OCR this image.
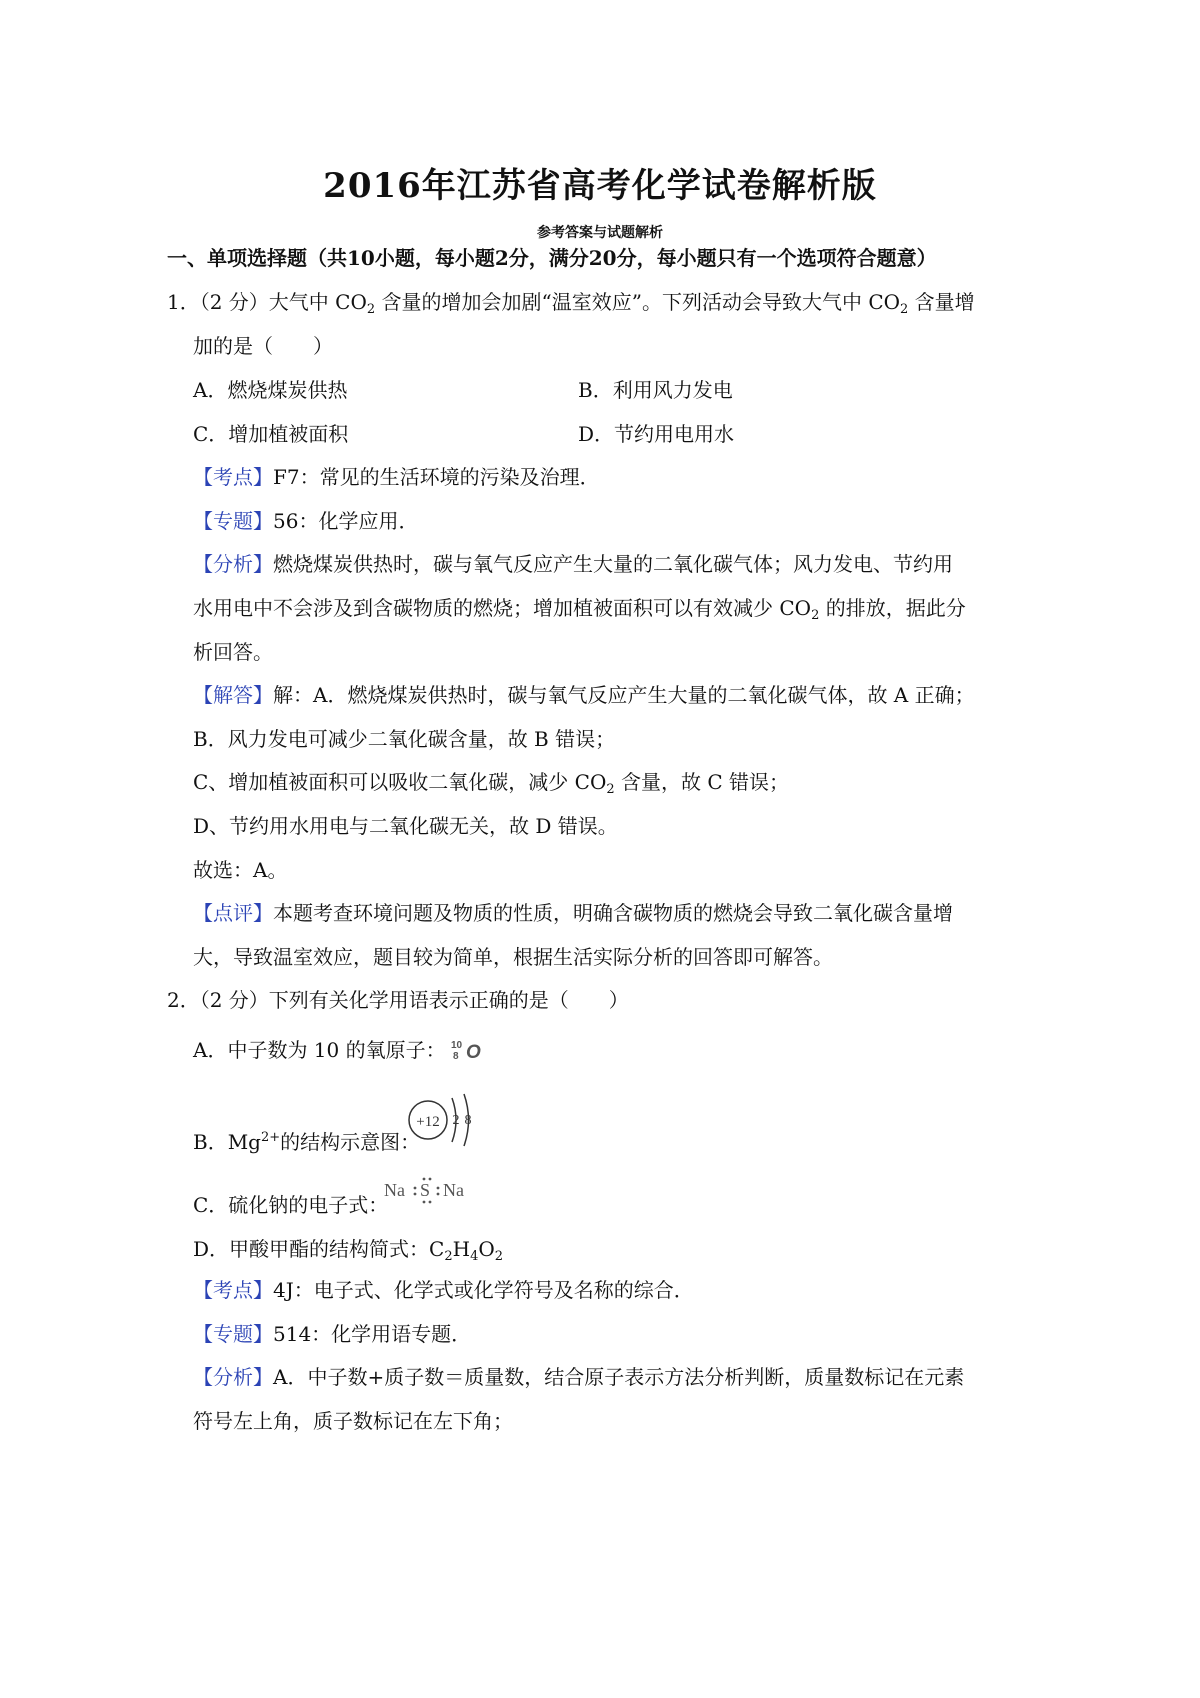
2016年江苏省高考化学试卷解析版
参考答案与试题解析
一、单项选择题（共10小题，每小题2分，满分20分，每小题只有一个选项符合题意）
1．（2 分）大气中 $CO_2$ 含量的增加会加剧“温室效应”。下列活动会导致大气中 $CO_2$ 含量增
加的是（　　）
A．燃烧煤炭供热	B．利用风力发电
C．增加植被面积	D．节约用电用水
【考点】F7：常见的生活环境的污染及治理．
【专题】56：化学应用．
【分析】燃烧煤炭供热时，碳与氧气反应产生大量的二氧化碳气体；风力发电、节约用
水用电中不会涉及到含碳物质的燃烧；增加植被面积可以有效减少 $CO_2$ 的排放，据此分
析回答。
【解答】解：A．燃烧煤炭供热时，碳与氧气反应产生大量的二氧化碳气体，故 A 正确；
B．风力发电可减少二氧化碳含量，故 B 错误；
C、增加植被面积可以吸收二氧化碳，减少 $CO_2$ 含量，故 C 错误；
D、节约用水用电与二氧化碳无关，故 D 错误。
故选：A。
【点评】本题考查环境问题及物质的性质，明确含碳物质的燃烧会导致二氧化碳含量增
大，导致温室效应，题目较为简单，根据生活实际分析的回答即可解答。
2．（2 分）下列有关化学用语表示正确的是（　　）
A．中子数为 10 的氧原子： 10
8 O
B．$Mg^{2+}$的结构示意图：
+12 2 8
C．硫化钠的电子式：
Na S Na
D．甲酸甲酯的结构简式：$C_2H_4O_2$
【考点】4J：电子式、化学式或化学符号及名称的综合．
【专题】514：化学用语专题．
【分析】A．中子数+质子数＝质量数，结合原子表示方法分析判断，质量数标记在元素
符号左上角，质子数标记在左下角；
